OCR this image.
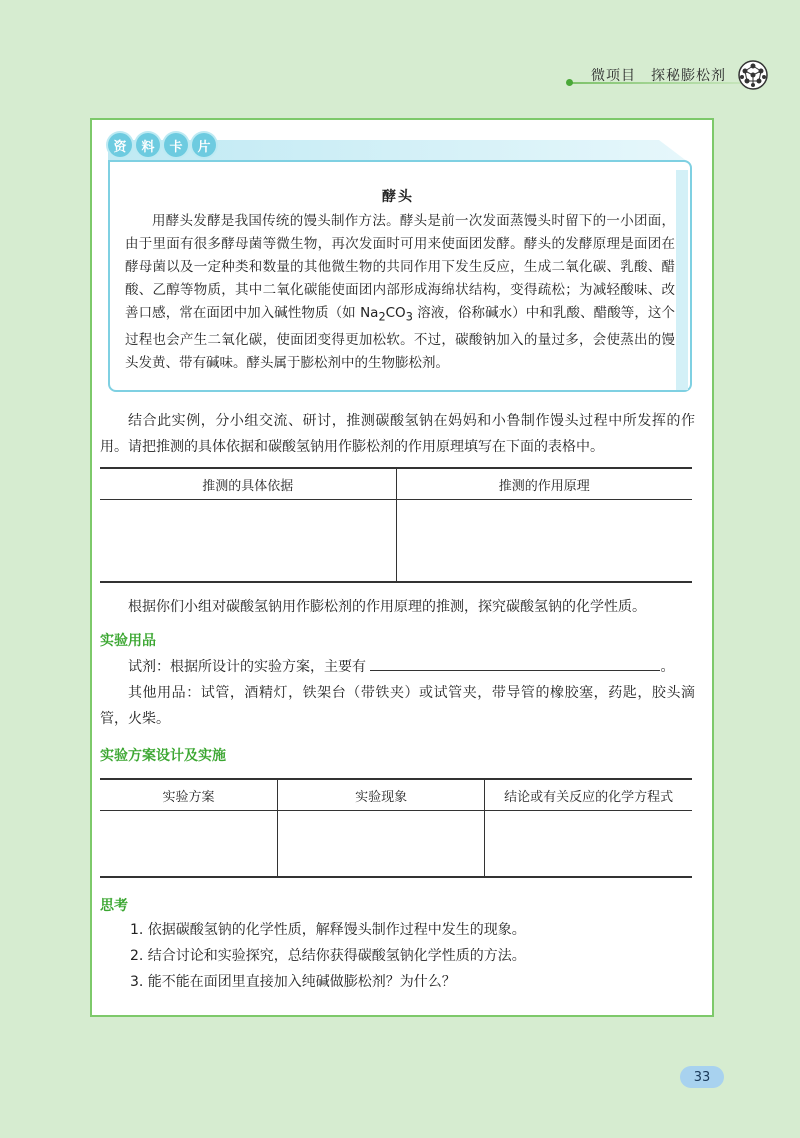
微项目　探秘膨松剂
资	料	卡	片
酵头
用酵头发酵是我国传统的馒头制作方法。酵头是前一次发面蒸馒头时留下的一小团面，由于里面有很多酵母菌等微生物，再次发面时可用来使面团发酵。酵头的发酵原理是面团在酵母菌以及一定种类和数量的其他微生物的共同作用下发生反应，生成二氧化碳、乳酸、醋酸、乙醇等物质，其中二氧化碳能使面团内部形成海绵状结构，变得疏松；为减轻酸味、改善口感，常在面团中加入碱性物质（如 $Na_2CO_3$ 溶液，俗称碱水）中和乳酸、醋酸等，这个过程也会产生二氧化碳，使面团变得更加松软。不过，碳酸钠加入的量过多，会使蒸出的馒头发黄、带有碱味。酵头属于膨松剂中的生物膨松剂。
结合此实例，分小组交流、研讨，推测碳酸氢钠在妈妈和小鲁制作馒头过程中所发挥的作用。请把推测的具体依据和碳酸氢钠用作膨松剂的作用原理填写在下面的表格中。
推测的具体依据	推测的作用原理

根据你们小组对碳酸氢钠用作膨松剂的作用原理的推测，探究碳酸氢钠的化学性质。
实验用品
试剂：根据所设计的实验方案，主要有	。
其他用品：试管，酒精灯，铁架台（带铁夹）或试管夹，带导管的橡胶塞，药匙，胶头滴管，火柴。
实验方案设计及实施
实验方案	实验现象	结论或有关反应的化学方程式

思考
1. 依据碳酸氢钠的化学性质，解释馒头制作过程中发生的现象。
2. 结合讨论和实验探究，总结你获得碳酸氢钠化学性质的方法。
3. 能不能在面团里直接加入纯碱做膨松剂？为什么？
33
